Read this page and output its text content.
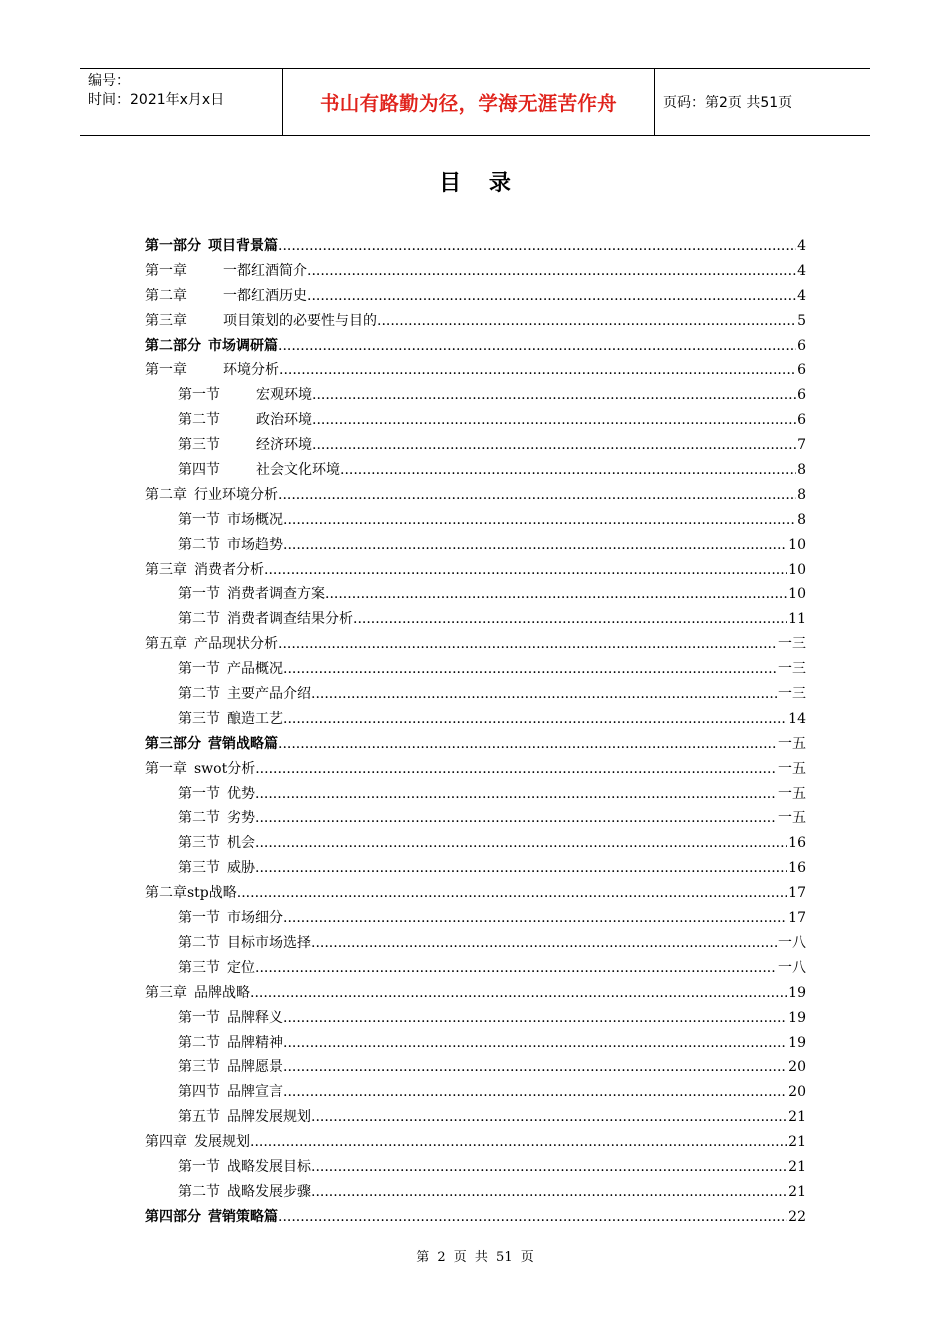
编号：
时间：2021年x月x日	书山有路勤为径，学海无涯苦作舟	页码：第2页 共51页
目 录
第一部分 项目背景篇 .....	4
第一章	一都红酒简介 .....	4
第二章	一都红酒历史 .....	4
第三章	项目策划的必要性与目的 .....	5
第二部分 市场调研篇 .....	6
第一章	环境分析 .....	6
第一节	宏观环境 .....	6
第二节	政治环境 .....	6
第三节	经济环境 .....	7
第四节	社会文化环境 .....	8
第二章 行业环境分析 .....	8
第一节 市场概况 .....	8
第二节 市场趋势 .....	10
第三章 消费者分析 .....	10
第一节 消费者调查方案 .....	10
第二节 消费者调查结果分析 .....	11
第五章 产品现状分析 .....	一三
第一节 产品概况 .....	一三
第二节 主要产品介绍 .....	一三
第三节 酿造工艺 .....	14
第三部分 营销战略篇 .....	一五
第一章 swot分析 .....	一五
第一节 优势 .....	一五
第二节 劣势 .....	一五
第三节 机会 .....	16
第三节 威胁 .....	16
第二章 stp战略 .....	17
第一节 市场细分 .....	17
第二节 目标市场选择 .....	一八
第三节 定位 .....	一八
第三章 品牌战略 .....	19
第一节 品牌释义 .....	19
第二节 品牌精神 .....	19
第三节 品牌愿景 .....	20
第四节 品牌宣言 .....	20
第五节 品牌发展规划 .....	21
第四章 发展规划 .....	21
第一节 战略发展目标 .....	21
第二节 战略发展步骤 .....	21
第四部分 营销策略篇 .....	22
第 2 页 共 51 页
